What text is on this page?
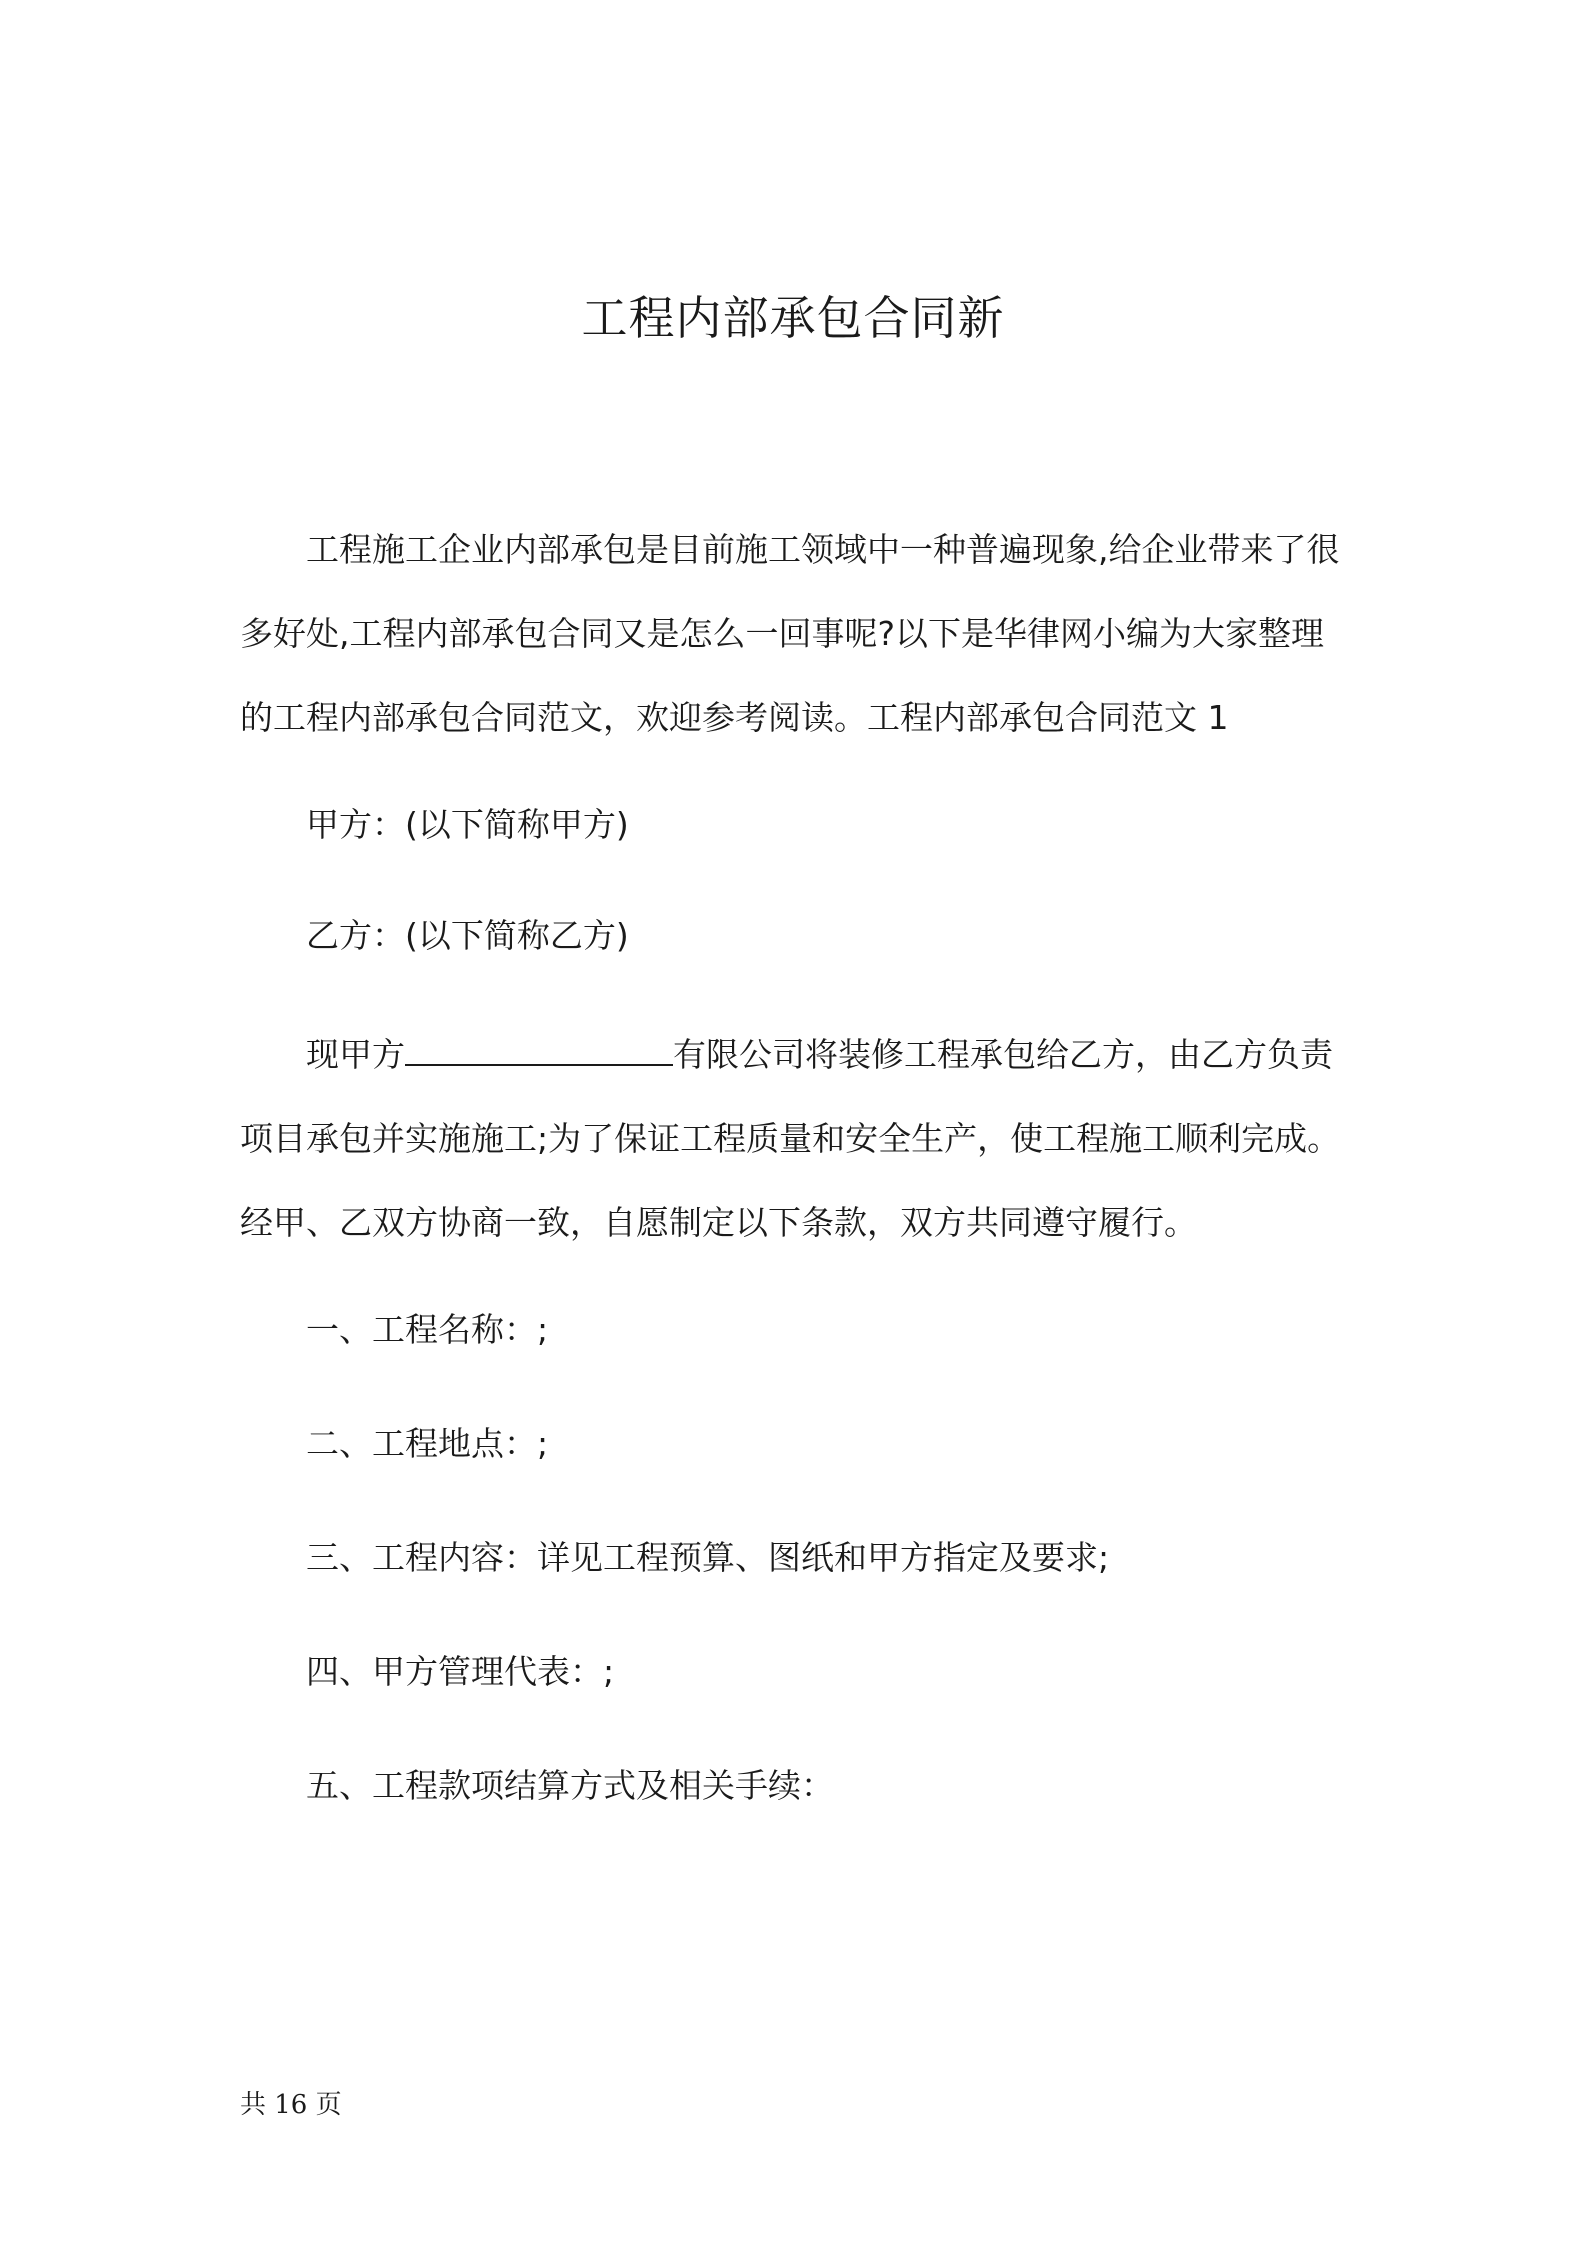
工程内部承包合同新

工程施工企业内部承包是目前施工领域中一种普遍现象,给企业带来了很多好处,工程内部承包合同又是怎么一回事呢?以下是华律网小编为大家整理的工程内部承包合同范文，欢迎参考阅读。工程内部承包合同范文 1

甲方：(以下简称甲方)

乙方：(以下简称乙方)

现甲方	有限公司将装修工程承包给乙方，由乙方负责项目承包并实施施工;为了保证工程质量和安全生产，使工程施工顺利完成。经甲、乙双方协商一致，自愿制定以下条款，双方共同遵守履行。

一、工程名称：;

二、工程地点：;

三、工程内容：详见工程预算、图纸和甲方指定及要求;

四、甲方管理代表：;

五、工程款项结算方式及相关手续：

共 16 页
